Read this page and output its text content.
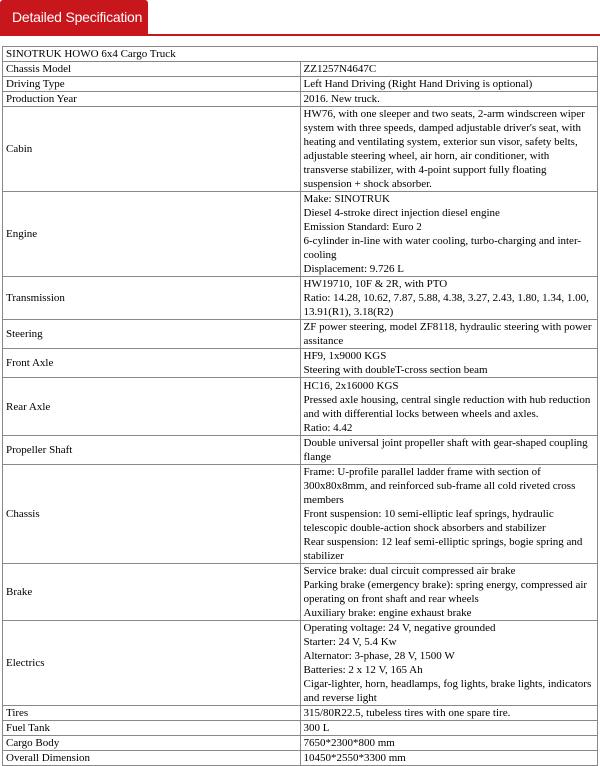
Detailed Specification
SINOTRUK HOWO 6x4 Cargo Truck	
Chassis Model	ZZ1257N4647C

Driving Type	Left Hand Driving (Right Hand Driving is optional)

Production Year	2016. New truck.

Cabin	HW76, with one sleeper and two seats, 2-arm windscreen wiper system with three speeds, damped adjustable driver's seat, with heating and ventilating system, exterior sun visor, safety belts, adjustable steering wheel, air horn, air conditioner, with transverse stabilizer, with 4-point support fully floating suspension + shock absorber.

Engine	Make: SINOTRUK
Diesel 4-stroke direct injection diesel engine
Emission Standard: Euro 2
6-cylinder in-line with water cooling, turbo-charging and inter-cooling
Displacement: 9.726 L

Transmission	HW19710, 10F & 2R, with PTO
Ratio: 14.28, 10.62, 7.87, 5.88, 4.38, 3.27, 2.43, 1.80, 1.34, 1.00, 13.91(R1), 3.18(R2)

Steering	ZF power steering, model ZF8118, hydraulic steering with power assitance

Front Axle	HF9, 1x9000 KGS
Steering with doubleT-cross section beam

Rear Axle	HC16, 2x16000 KGS
Pressed axle housing, central single reduction with hub reduction and with differential locks between wheels and axles.
Ratio: 4.42

Propeller Shaft	Double universal joint propeller shaft with gear-shaped coupling flange

Chassis	Frame: U-profile parallel ladder frame with section of 300x80x8mm, and reinforced sub-frame all cold riveted cross members
Front suspension: 10 semi-elliptic leaf springs, hydraulic telescopic double-action shock absorbers and stabilizer
Rear suspension: 12 leaf semi-elliptic springs, bogie spring and stabilizer

Brake	Service brake: dual circuit compressed air brake
Parking brake (emergency brake): spring energy, compressed air operating on front shaft and rear wheels
Auxiliary brake: engine exhaust brake

Electrics	Operating voltage: 24 V, negative grounded
Starter: 24 V, 5.4 Kw
Alternator: 3-phase, 28 V, 1500 W
Batteries: 2 x 12 V, 165 Ah
Cigar-lighter, horn, headlamps, fog lights, brake lights, indicators and reverse light

Tires	315/80R22.5, tubeless tires with one spare tire.

Fuel Tank	300 L

Cargo Body	7650*2300*800 mm

Overall Dimension	10450*2550*3300 mm
